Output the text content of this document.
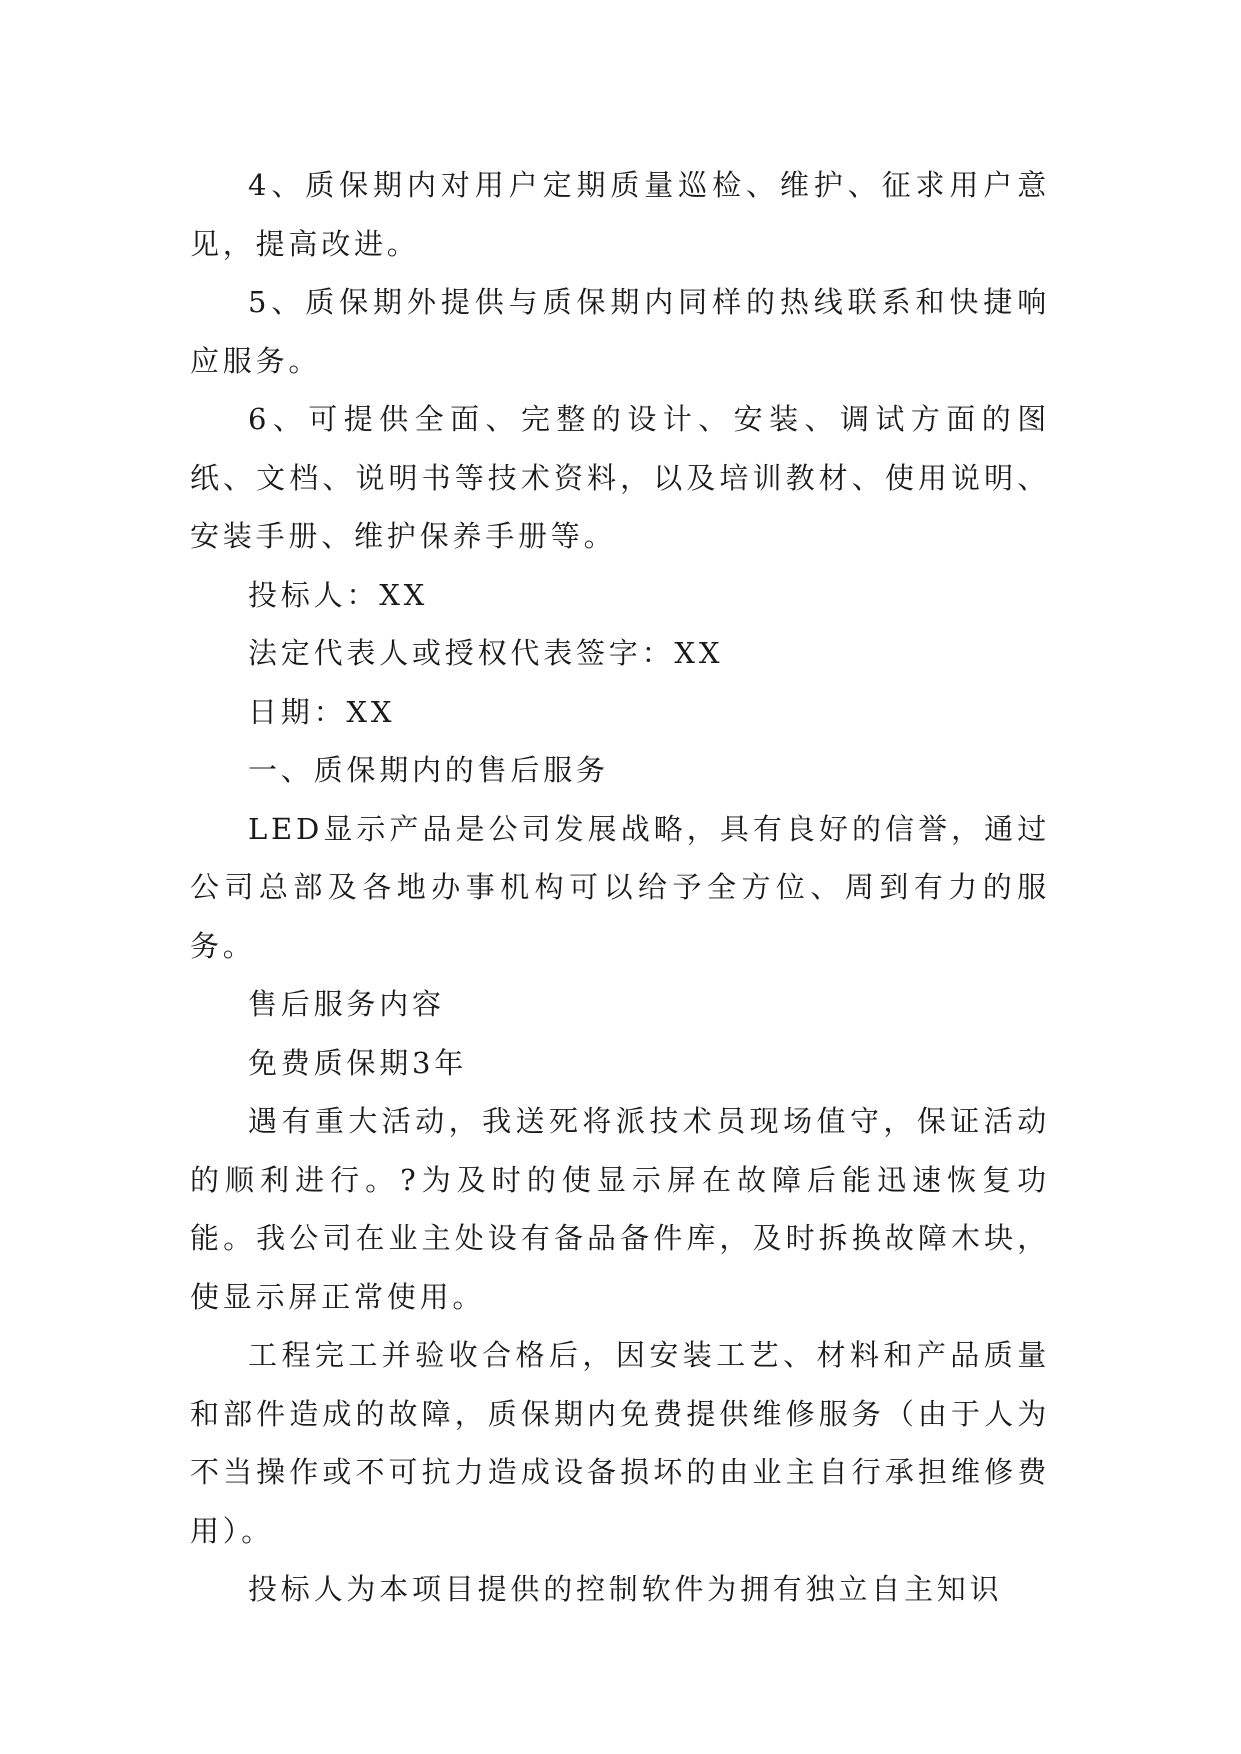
4、质保期内对用户定期质量巡检、维护、征求用户意见，提高改进。

5、质保期外提供与质保期内同样的热线联系和快捷响应服务。

6、可提供全面、完整的设计、安装、调试方面的图纸、文档、说明书等技术资料，以及培训教材、使用说明、安装手册、维护保养手册等。

投标人：XX

法定代表人或授权代表签字：XX

日期：XX

一、质保期内的售后服务

LED显示产品是公司发展战略，具有良好的信誉，通过公司总部及各地办事机构可以给予全方位、周到有力的服务。

售后服务内容

免费质保期3年

遇有重大活动，我送死将派技术员现场值守，保证活动的顺利进行。?为及时的使显示屏在故障后能迅速恢复功能。我公司在业主处设有备品备件库，及时拆换故障木块，使显示屏正常使用。

工程完工并验收合格后，因安装工艺、材料和产品质量和部件造成的故障，质保期内免费提供维修服务（由于人为不当操作或不可抗力造成设备损坏的由业主自行承担维修费用）。

投标人为本项目提供的控制软件为拥有独立自主知识
